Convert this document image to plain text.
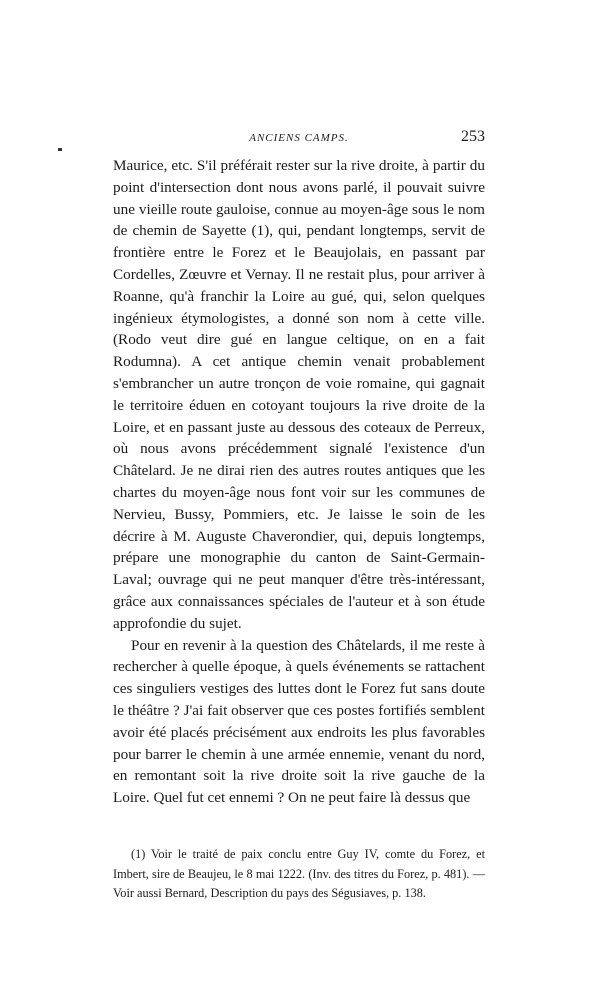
ANCIENS CAMPS.	253

Maurice, etc. S'il préférait rester sur la rive droite, à partir du point d'intersection dont nous avons parlé, il pouvait suivre une vieille route gauloise, connue au moyen-âge sous le nom de chemin de Sayette (1), qui, pendant longtemps, servit de frontière entre le Forez et le Beaujolais, en passant par Cordelles, Zœuvre et Vernay. Il ne restait plus, pour arriver à Roanne, qu'à franchir la Loire au gué, qui, selon quelques ingénieux étymologistes, a donné son nom à cette ville. (Rodo veut dire gué en langue celtique, on en a fait Rodumna). A cet antique chemin venait probablement s'embrancher un autre tronçon de voie romaine, qui gagnait le territoire éduen en cotoyant toujours la rive droite de la Loire, et en passant juste au dessous des coteaux de Perreux, où nous avons précédemment signalé l'existence d'un Châtelard. Je ne dirai rien des autres routes antiques que les chartes du moyen-âge nous font voir sur les communes de Nervieu, Bussy, Pommiers, etc. Je laisse le soin de les décrire à M. Auguste Chaverondier, qui, depuis longtemps, prépare une monographie du canton de Saint-Germain-Laval; ouvrage qui ne peut manquer d'être très-intéressant, grâce aux connaissances spéciales de l'auteur et à son étude approfondie du sujet.

Pour en revenir à la question des Châtelards, il me reste à rechercher à quelle époque, à quels événements se rattachent ces singuliers vestiges des luttes dont le Forez fut sans doute le théâtre ? J'ai fait observer que ces postes fortifiés semblent avoir été placés précisément aux endroits les plus favorables pour barrer le chemin à une armée ennemie, venant du nord, en remontant soit la rive droite soit la rive gauche de la Loire. Quel fut cet ennemi ? On ne peut faire là dessus que

(1) Voir le traité de paix conclu entre Guy IV, comte du Forez, et Imbert, sire de Beaujeu, le 8 mai 1222. (Inv. des titres du Forez, p. 481). — Voir aussi Bernard, Description du pays des Ségusiaves, p. 138.
